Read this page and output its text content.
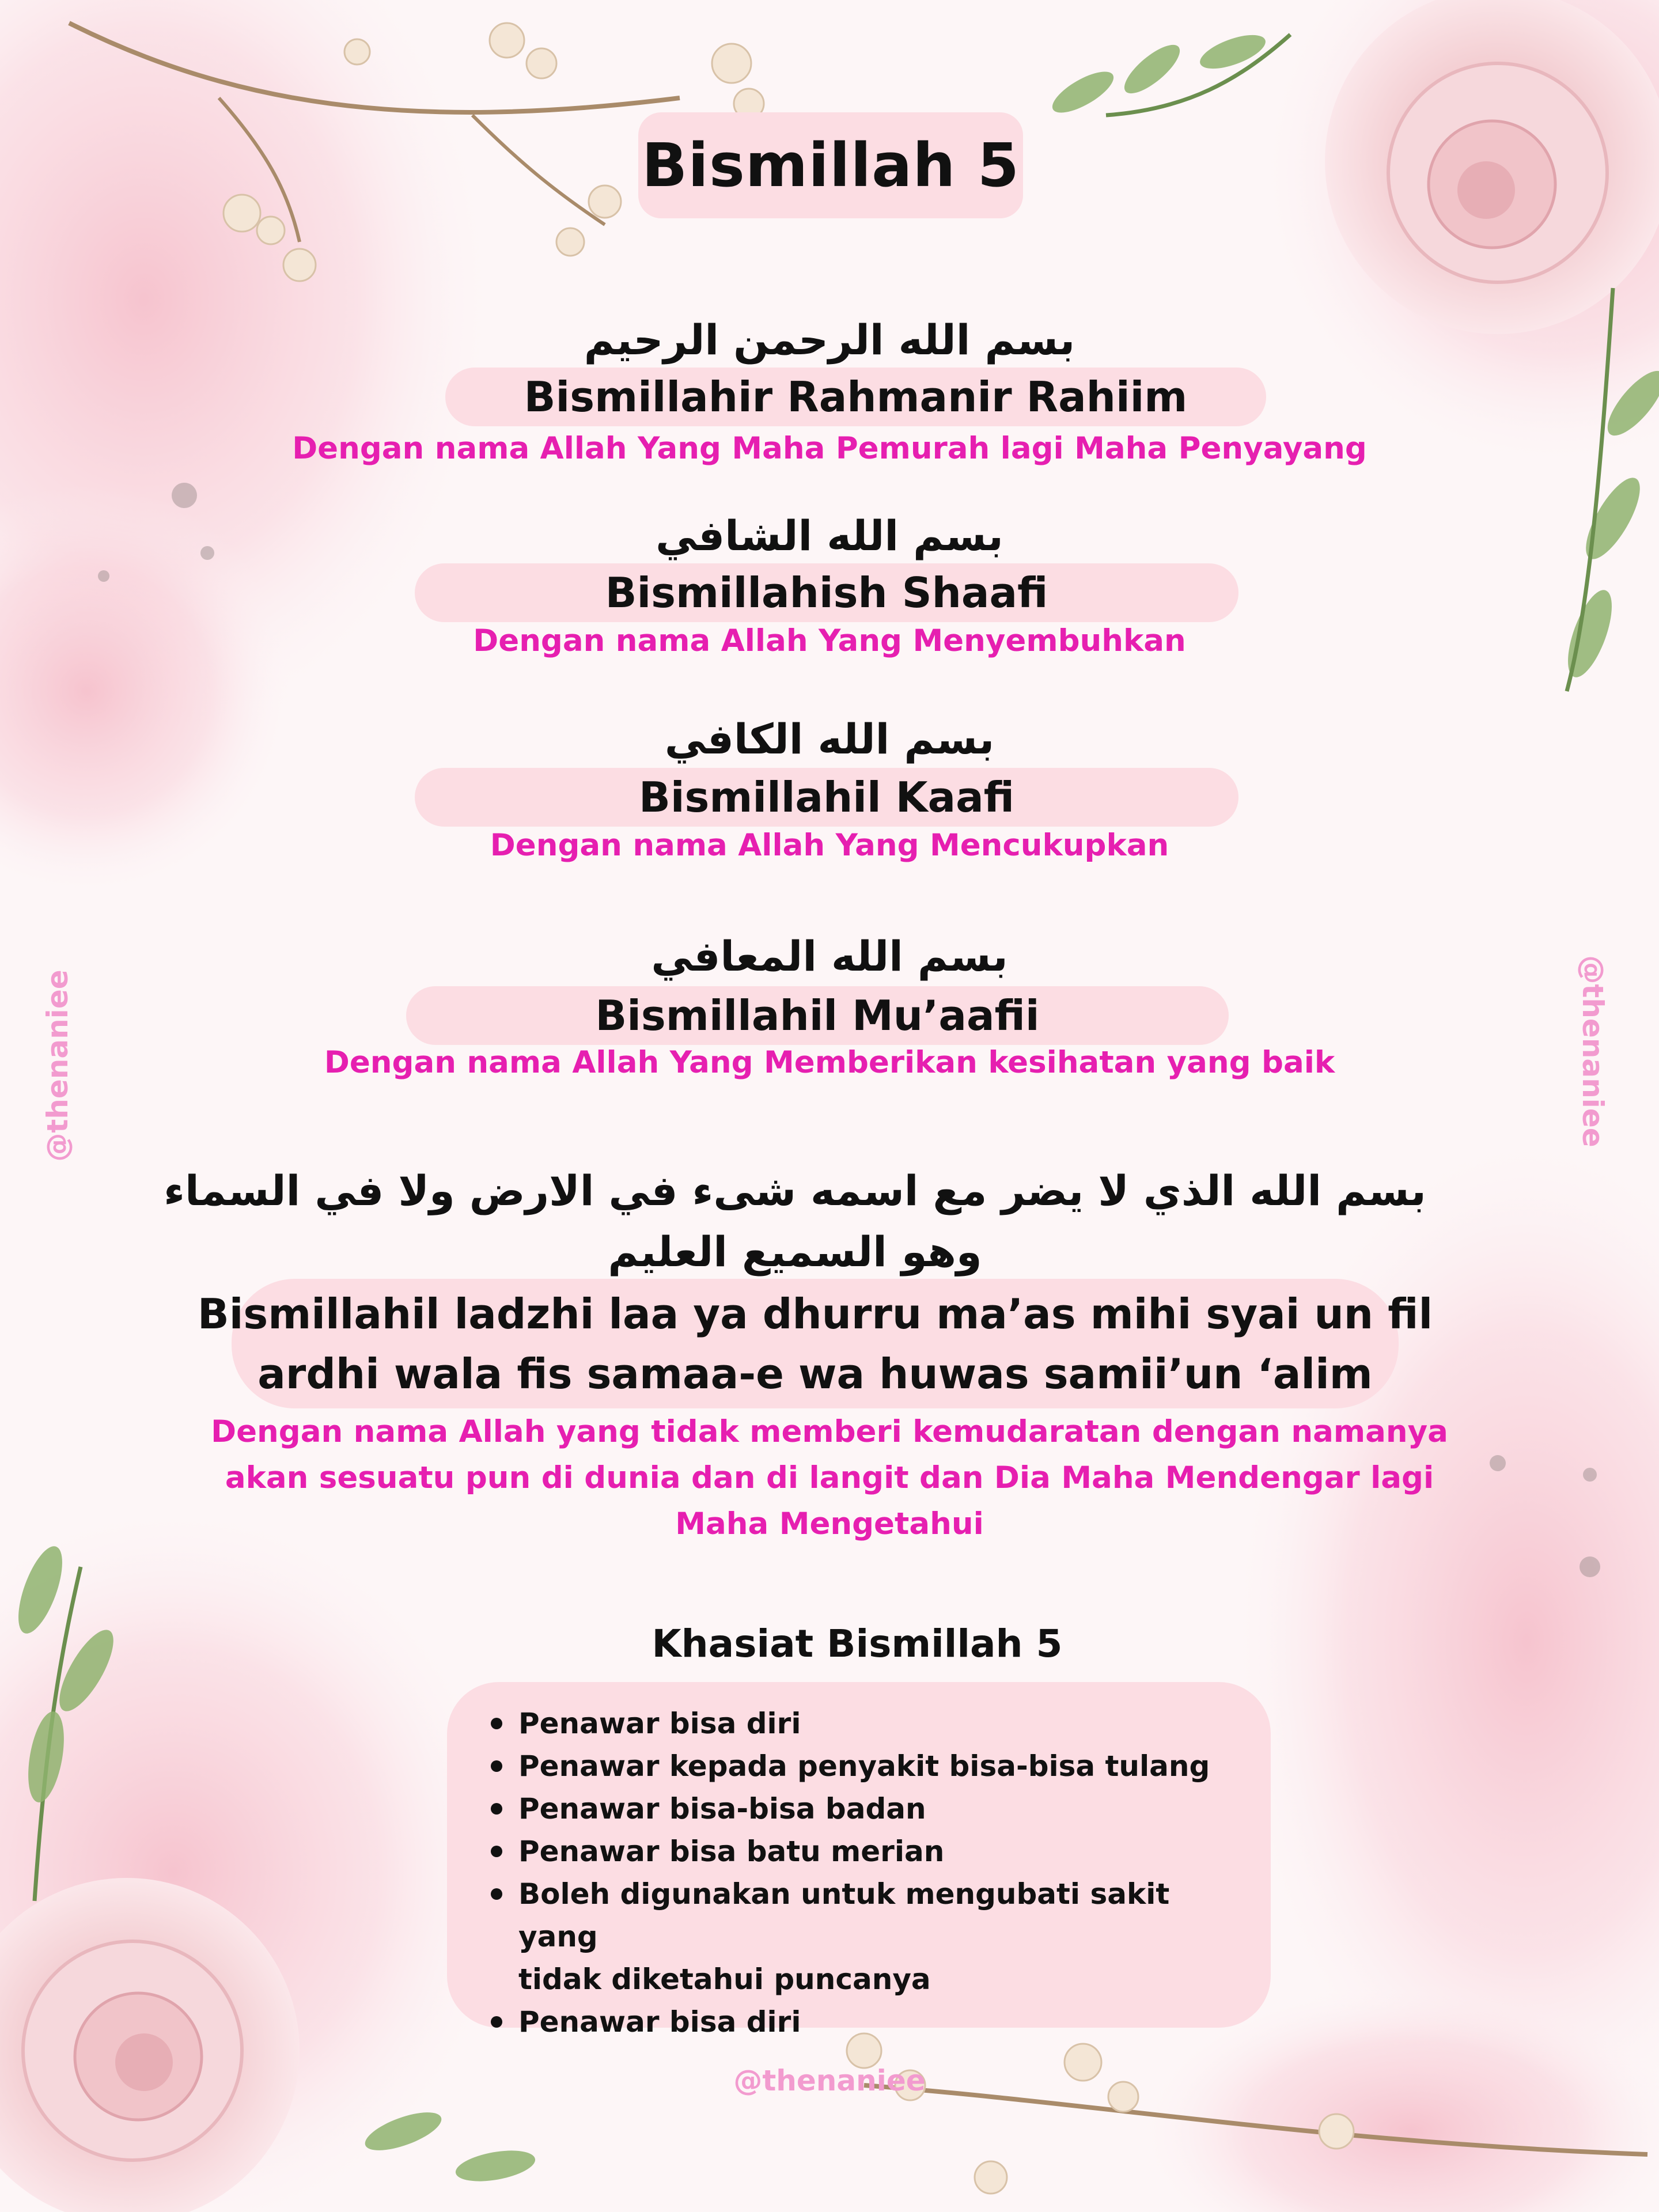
Bismillah 5
بسم الله الرحمن الرحيم
Bismillahir Rahmanir Rahiim
Dengan nama Allah Yang Maha Pemurah lagi Maha Penyayang
بسم الله الشافي
Bismillahish Shaafi
Dengan nama Allah Yang Menyembuhkan
بسم الله الكافي
Bismillahil Kaafi
Dengan nama Allah Yang Mencukupkan
بسم الله المعافي
Bismillahil Mu’aafii
Dengan nama Allah Yang Memberikan kesihatan yang baik
بسم الله الذي لا يضر مع اسمه شىء في الارض ولا في السماء
وهو السميع العليم
Bismillahil ladzhi laa ya dhurru ma’as mihi syai un fil
ardhi wala fis samaa-e wa huwas samii’un ‘alim
Dengan nama Allah yang tidak memberi kemudaratan dengan namanya
akan sesuatu pun di dunia dan di langit dan Dia Maha Mendengar lagi
Maha Mengetahui
Khasiat Bismillah 5
Penawar bisa diri
Penawar kepada penyakit bisa-bisa tulang
Penawar bisa-bisa badan
Penawar bisa batu merian
Boleh digunakan untuk mengubati sakit yang
tidak diketahui puncanya
Penawar bisa diri
@thenaniee	@thenaniee
@thenaniee
